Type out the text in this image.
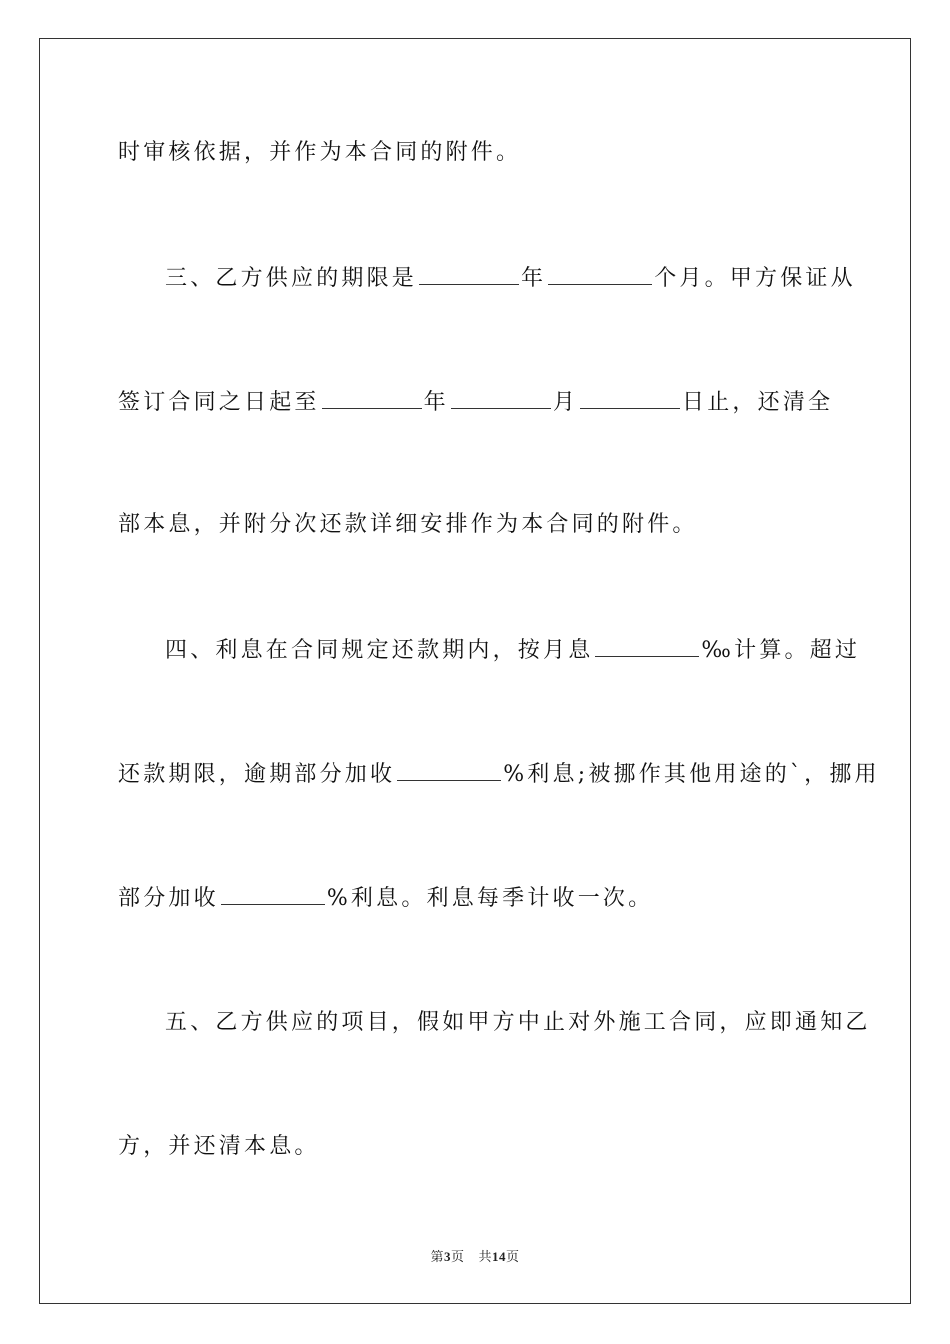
时审核依据，并作为本合同的附件。
三、乙方供应的期限是	年	个月。甲方保证从
签订合同之日起至	年	月	日止，还清全
部本息，并附分次还款详细安排作为本合同的附件。
四、利息在合同规定还款期内，按月息	‰计算。超过
还款期限，逾期部分加收	%利息;被挪作其他用途的`，挪用
部分加收	%利息。利息每季计收一次。
五、乙方供应的项目，假如甲方中止对外施工合同，应即通知乙
方，并还清本息。
第3页 共14页
